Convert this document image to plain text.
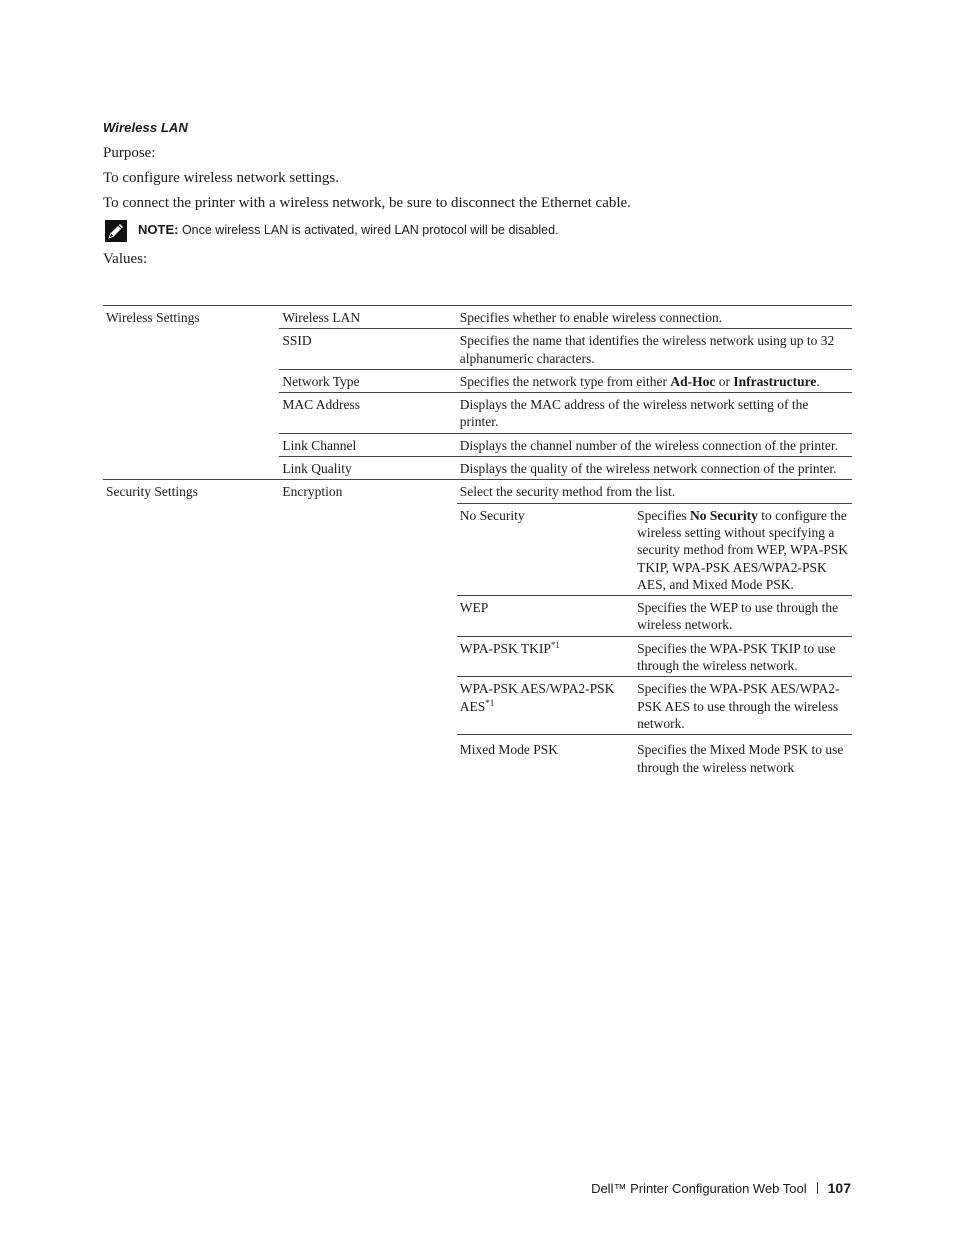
Wireless LAN
Purpose:
To configure wireless network settings.
To connect the printer with a wireless network, be sure to disconnect the Ethernet cable.
NOTE: Once wireless LAN is activated, wired LAN protocol will be disabled.
Values:
Wireless Settings	Wireless LAN	Specifies whether to enable wireless connection.	
	SSID	Specifies the name that identifies the wireless network using up to 32 alphanumeric characters.	
	Network Type	Specifies the network type from either Ad-Hoc or Infrastructure.	
	MAC Address	Displays the MAC address of the wireless network setting of the printer.	
	Link Channel	Displays the channel number of the wireless connection of the printer.	
	Link Quality	Displays the quality of the wireless network connection of the printer.	
Security Settings	Encryption	Select the security method from the list.	
		No Security	Specifies No Security to configure the wireless setting without specifying a security method from WEP, WPA-PSK TKIP, WPA-PSK AES/WPA2-PSK AES, and Mixed Mode PSK.
		WEP	Specifies the WEP to use through the wireless network.
		WPA-PSK TKIP$^{*1}$	Specifies the WPA-PSK TKIP to use through the wireless network.
		WPA-PSK AES/WPA2-PSK AES$^{*1}$	Specifies the WPA-PSK AES/WPA2-PSK AES to use through the wireless network.
		Mixed Mode PSK	Specifies the Mixed Mode PSK to use through the wireless network
Dell™ Printer Configuration Web Tool 107
